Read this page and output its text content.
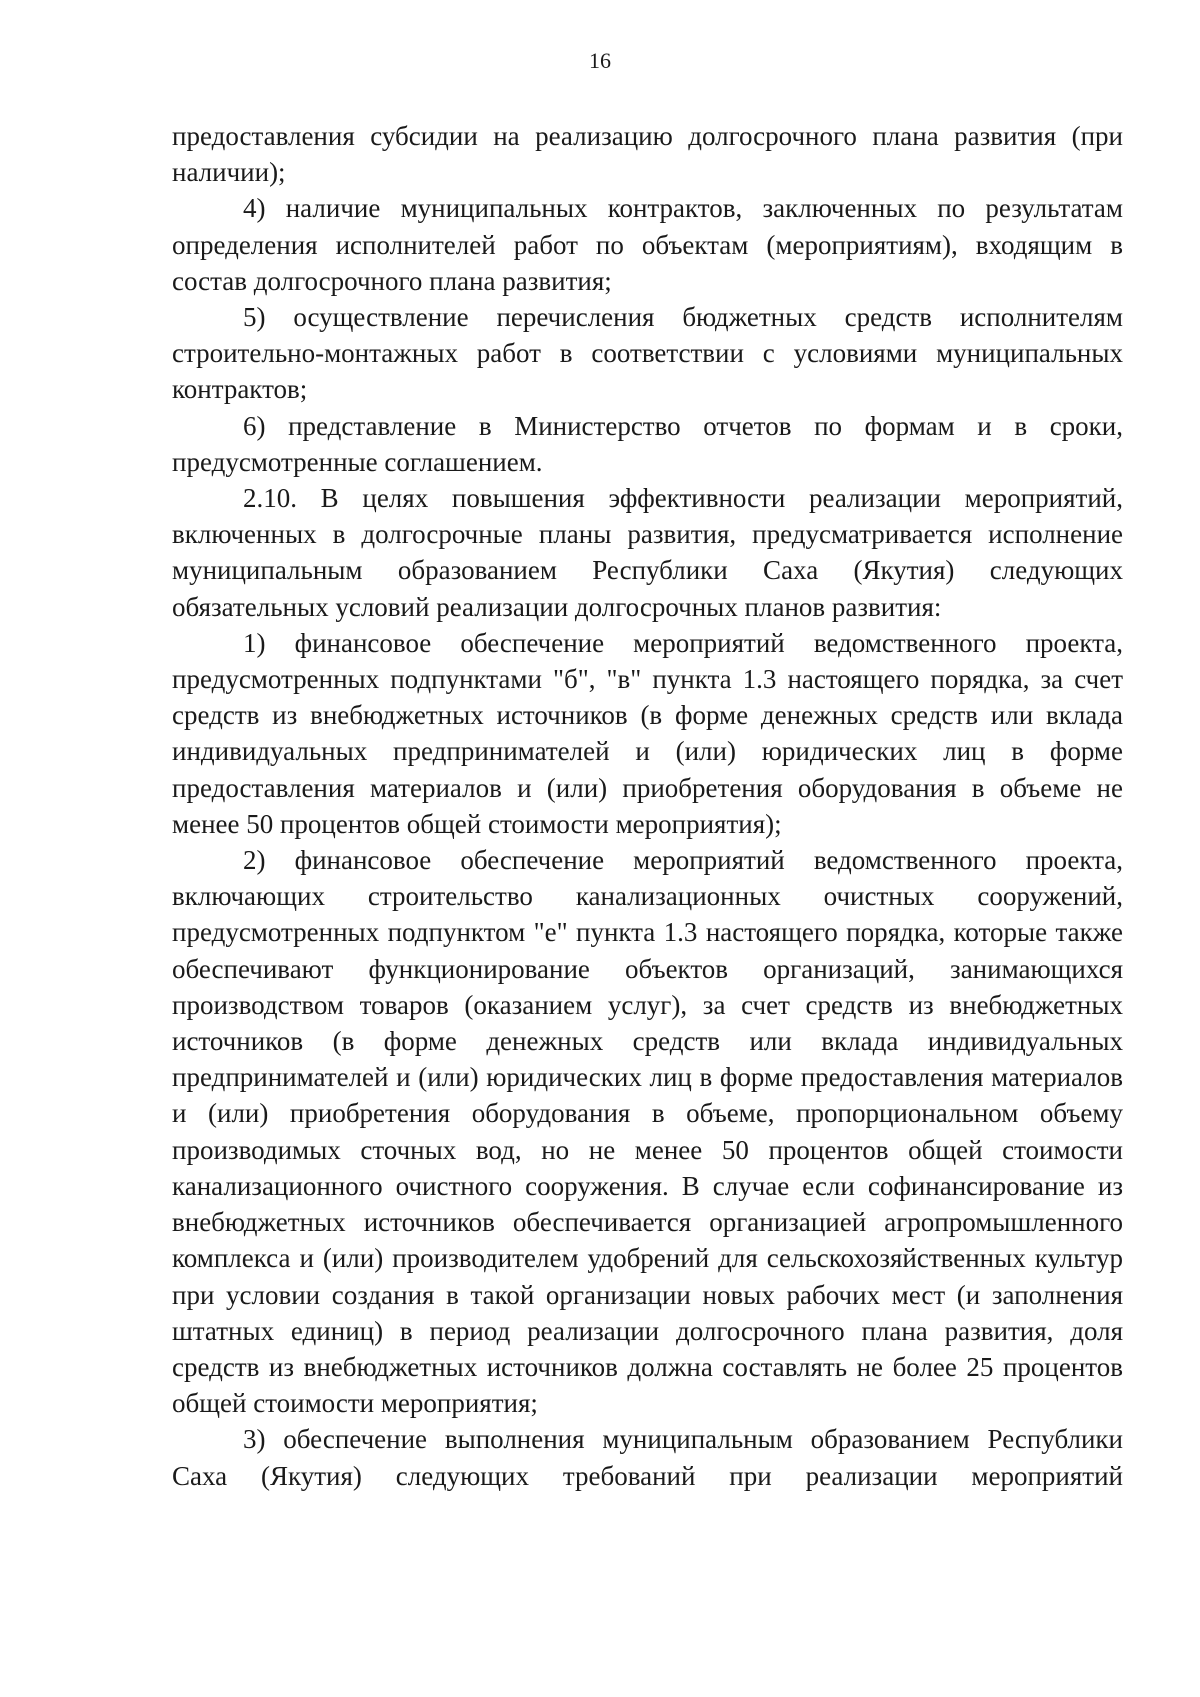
16

предоставления субсидии на реализацию долгосрочного плана развития (при наличии);

4) наличие муниципальных контрактов, заключенных по результатам определения исполнителей работ по объектам (мероприятиям), входящим в состав долгосрочного плана развития;

5) осуществление перечисления бюджетных средств исполнителям строительно-монтажных работ в соответствии с условиями муниципальных контрактов;

6) представление в Министерство отчетов по формам и в сроки, предусмотренные соглашением.

2.10. В целях повышения эффективности реализации мероприятий, включенных в долгосрочные планы развития, предусматривается исполнение муниципальным образованием Республики Саха (Якутия) следующих обязательных условий реализации долгосрочных планов развития:

1) финансовое обеспечение мероприятий ведомственного проекта, предусмотренных подпунктами "б", "в" пункта 1.3 настоящего порядка, за счет средств из внебюджетных источников (в форме денежных средств или вклада индивидуальных предпринимателей и (или) юридических лиц в форме предоставления материалов и (или) приобретения оборудования в объеме не менее 50 процентов общей стоимости мероприятия);

2) финансовое обеспечение мероприятий ведомственного проекта, включающих строительство канализационных очистных сооружений, предусмотренных подпунктом "е" пункта 1.3 настоящего порядка, которые также обеспечивают функционирование объектов организаций, занимающихся производством товаров (оказанием услуг), за счет средств из внебюджетных источников (в форме денежных средств или вклада индивидуальных предпринимателей и (или) юридических лиц в форме предоставления материалов и (или) приобретения оборудования в объеме, пропорциональном объему производимых сточных вод, но не менее 50 процентов общей стоимости канализационного очистного сооружения. В случае если софинансирование из внебюджетных источников обеспечивается организацией агропромышленного комплекса и (или) производителем удобрений для сельскохозяйственных культур при условии создания в такой организации новых рабочих мест (и заполнения штатных единиц) в период реализации долгосрочного плана развития, доля средств из внебюджетных источников должна составлять не более 25 процентов общей стоимости мероприятия;

3) обеспечение выполнения муниципальным образованием Республики Саха (Якутия) следующих требований при реализации мероприятий
